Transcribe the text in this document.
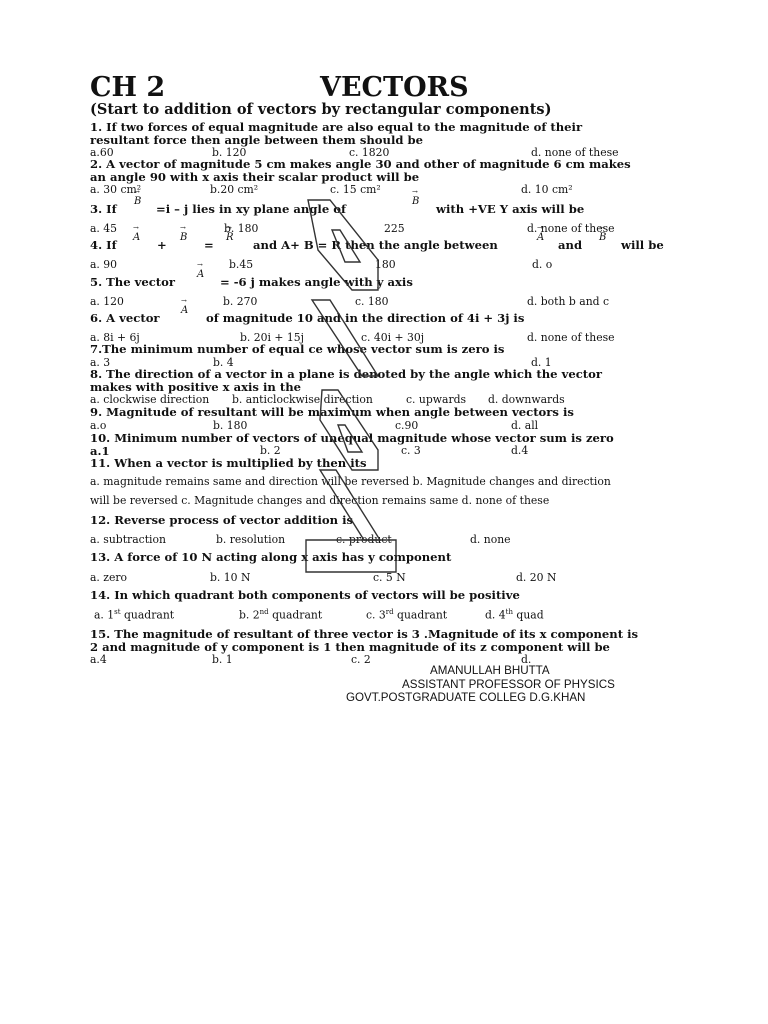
CH 2	VECTORS
(Start to addition of vectors by rectangular components)
1. If two forces of equal magnitude are also equal to the magnitude of their
resultant force then angle between them should be
a.60	b. 120	c. 1820	d. none of these
2. A vector of magnitude 5 cm makes angle 30 and other of magnitude 6 cm makes
an angle 90 with x axis their scalar product will be
a. 30 cm²	b.20 cm²	c. 15 cm²	d. 10 cm²
3. If
→ B
=i – j lies in xy plane angle of
→ B
with +VE Y axis will be
a. 45	b. 180	225	d. none of these
4. If
→ A
+
→ B
=
→ R
and A+ B = R then the angle between
→ A
and
→ B
will be
a. 90	b.45	180	d. o
5. The vector
→ A
= -6 j makes angle with y axis
a. 120	b. 270	c. 180	d. both b and c
6. A vector
→ A
of magnitude 10 and in the direction of 4i + 3j is
a. 8i + 6j	b. 20i + 15j	c. 40i + 30j	d. none of these
7.The minimum number of equal ce whose vector sum is zero is
a. 3	b. 4	d. 1
8. The direction of a vector in a plane is denoted by the angle which the vector
makes with positive x axis in the
a. clockwise direction b. anticlockwise direction	c. upwards d. downwards
9. Magnitude of resultant will be maximum when angle between vectors is
a.o	b. 180	c.90	d. all
10. Minimum number of vectors of unequal magnitude whose vector sum is zero
a.1	b. 2	c. 3	d.4
11. When a vector is multiplied by then its
a. magnitude remains same and direction will be reversed b. Magnitude changes and direction
will be reversed c. Magnitude changes and direction remains same d. none of these
12. Reverse process of vector addition is
a. subtraction	b. resolution	c. product	d. none
13. A force of 10 N acting along x axis has y component
a. zero	b. 10 N	c. 5 N	d. 20 N
14. In which quadrant both components of vectors will be positive
a. 1st quadrant	b. 2nd quadrant	c. 3rd quadrant	d. 4th quad
15. The magnitude of resultant of three vector is 3 .Magnitude of its x component is
2 and magnitude of y component is 1 then magnitude of its z component will be
a.4	b. 1	c. 2	d.
AMANULLAH BHUTTA
ASSISTANT PROFESSOR OF PHYSICS
GOVT.POSTGRADUATE COLLEG D.G.KHAN
